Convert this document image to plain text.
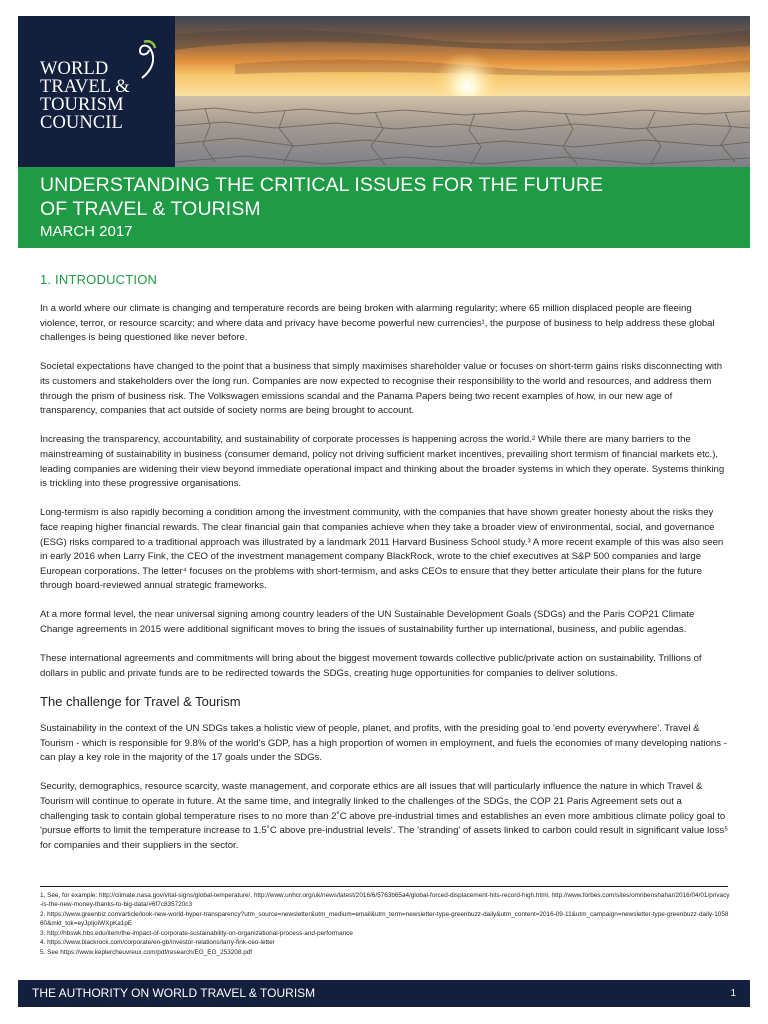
WORLD
TRAVEL &
TOURISM
COUNCIL
UNDERSTANDING THE CRITICAL ISSUES FOR THE FUTURE
OF TRAVEL & TOURISM
MARCH 2017
1. INTRODUCTION

In a world where our climate is changing and temperature records are being broken with alarming regularity; where 65 million displaced people are fleeing violence, terror, or resource scarcity; and where data and privacy have become powerful new currencies¹, the purpose of business to help address these global challenges is being questioned like never before.

Societal expectations have changed to the point that a business that simply maximises shareholder value or focuses on short-term gains risks disconnecting with its customers and stakeholders over the long run. Companies are now expected to recognise their responsibility to the world and resources, and address them through the prism of business risk. The Volkswagen emissions scandal and the Panama Papers being two recent examples of how, in our new age of transparency, companies that act outside of society norms are being brought to account.

Increasing the transparency, accountability, and sustainability of corporate processes is happening across the world.² While there are many barriers to the mainstreaming of sustainability in business (consumer demand, policy not driving sufficient market incentives, prevailing short termism of financial markets etc.), leading companies are widening their view beyond immediate operational impact and thinking about the broader systems in which they operate. Systems thinking is trickling into these progressive organisations.

Long-termism is also rapidly becoming a condition among the investment community, with the companies that have shown greater honesty about the risks they face reaping higher financial rewards. The clear financial gain that companies achieve when they take a broader view of environmental, social, and governance (ESG) risks compared to a traditional approach was illustrated by a landmark 2011 Harvard Business School study.³ A more recent example of this was also seen in early 2016 when Larry Fink, the CEO of the investment management company BlackRock, wrote to the chief executives at S&P 500 companies and large European corporations. The letter⁴ focuses on the problems with short-termism, and asks CEOs to ensure that they better articulate their plans for the future through board-reviewed annual strategic frameworks.

At a more formal level, the near universal signing among country leaders of the UN Sustainable Development Goals (SDGs) and the Paris COP21 Climate Change agreements in 2015 were additional significant moves to bring the issues of sustainability further up international, business, and public agendas.

These international agreements and commitments will bring about the biggest movement towards collective public/private action on sustainability. Trillions of dollars in public and private funds are to be redirected towards the SDGs, creating huge opportunities for companies to deliver solutions.

The challenge for Travel & Tourism

Sustainability in the context of the UN SDGs takes a holistic view of people, planet, and profits, with the presiding goal to 'end poverty everywhere'. Travel & Tourism - which is responsible for 9.8% of the world's GDP, has a high proportion of women in employment, and fuels the economies of many developing nations - can play a key role in the majority of the 17 goals under the SDGs.

Security, demographics, resource scarcity, waste management, and corporate ethics are all issues that will particularly influence the nature in which Travel & Tourism will continue to operate in future. At the same time, and integrally linked to the challenges of the SDGs, the COP 21 Paris Agreement sets out a challenging task to contain global temperature rises to no more than 2˚C above pre-industrial times and establishes an even more ambitious climate policy goal to 'pursue efforts to limit the temperature increase to 1.5˚C above pre-industrial levels'. The 'stranding' of assets linked to carbon could result in significant value loss⁵ for companies and their suppliers in the sector.

1. See, for example: http://climate.nasa.gov/vital-signs/global-temperature/, http://www.unhcr.org/uk/news/latest/2016/6/5763b65a4/global-forced-displacement-hits-record-high.html, http://www.forbes.com/sites/omribenshahar/2016/04/01/privacy-is-the-new-money-thanks-to-big-data/#6f7c835720c3
2. https://www.greenbiz.com/article/look-new-world-hyper-transparency?utm_source=newsletter&utm_medium=email&utm_term=newsletter-type-greenbuzz-daily&utm_content=2016-09-11&utm_campaign=newsletter-type-greenbuzz-daily-105860&mkt_tok=eyJpIjoiWXpKa1pE
3. http://hbswk.hbs.edu/item/the-impact-of-corporate-sustainability-on-organizational-process-and-performance
4. https://www.blackrock.com/corporate/en-gb/investor-relations/larry-fink-ceo-letter
5. See https://www.keplercheuvreux.com/pdf/research/EG_EG_253208.pdf
THE AUTHORITY ON WORLD TRAVEL & TOURISM	1
